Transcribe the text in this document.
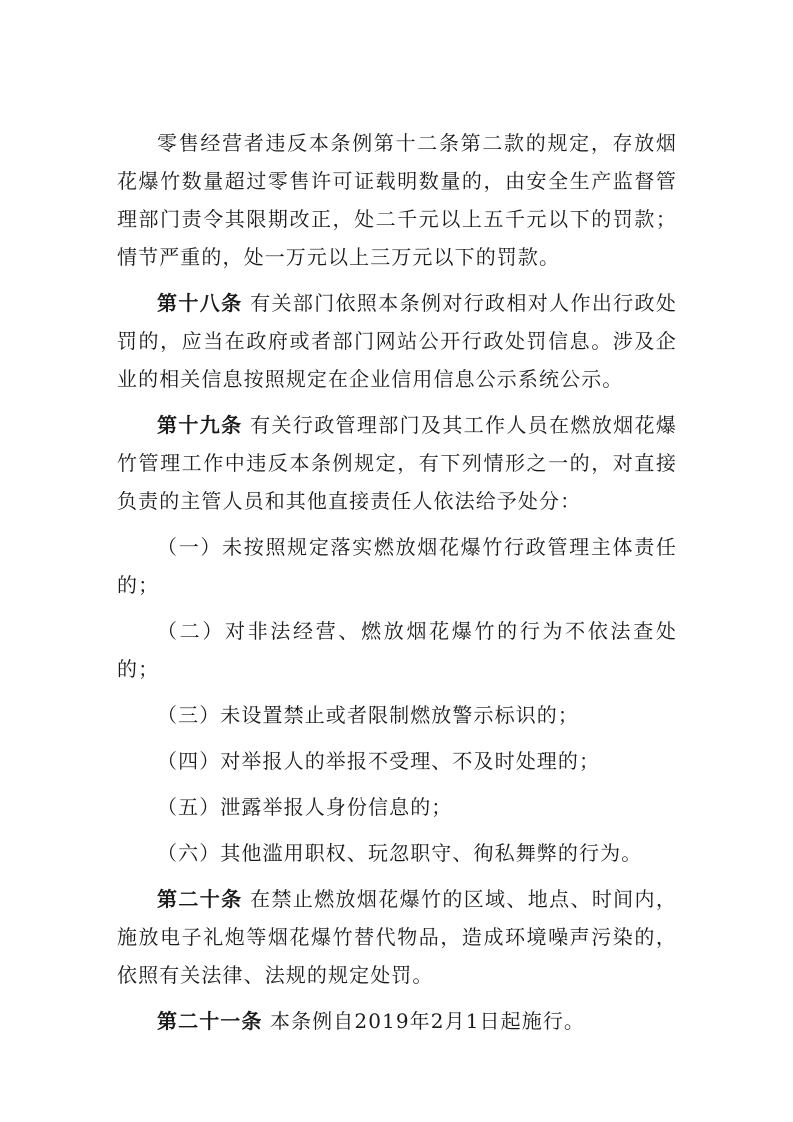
零售经营者违反本条例第十二条第二款的规定，存放烟花爆竹数量超过零售许可证载明数量的，由安全生产监督管理部门责令其限期改正，处二千元以上五千元以下的罚款；情节严重的，处一万元以上三万元以下的罚款。

第十八条 有关部门依照本条例对行政相对人作出行政处罚的，应当在政府或者部门网站公开行政处罚信息。涉及企业的相关信息按照规定在企业信用信息公示系统公示。

第十九条 有关行政管理部门及其工作人员在燃放烟花爆竹管理工作中违反本条例规定，有下列情形之一的，对直接负责的主管人员和其他直接责任人依法给予处分：

（一）未按照规定落实燃放烟花爆竹行政管理主体责任的；

（二）对非法经营、燃放烟花爆竹的行为不依法查处的；

（三）未设置禁止或者限制燃放警示标识的；

（四）对举报人的举报不受理、不及时处理的；

（五）泄露举报人身份信息的；

（六）其他滥用职权、玩忽职守、徇私舞弊的行为。

第二十条 在禁止燃放烟花爆竹的区域、地点、时间内，施放电子礼炮等烟花爆竹替代物品，造成环境噪声污染的，依照有关法律、法规的规定处罚。

第二十一条 本条例自2019年2月1日起施行。
